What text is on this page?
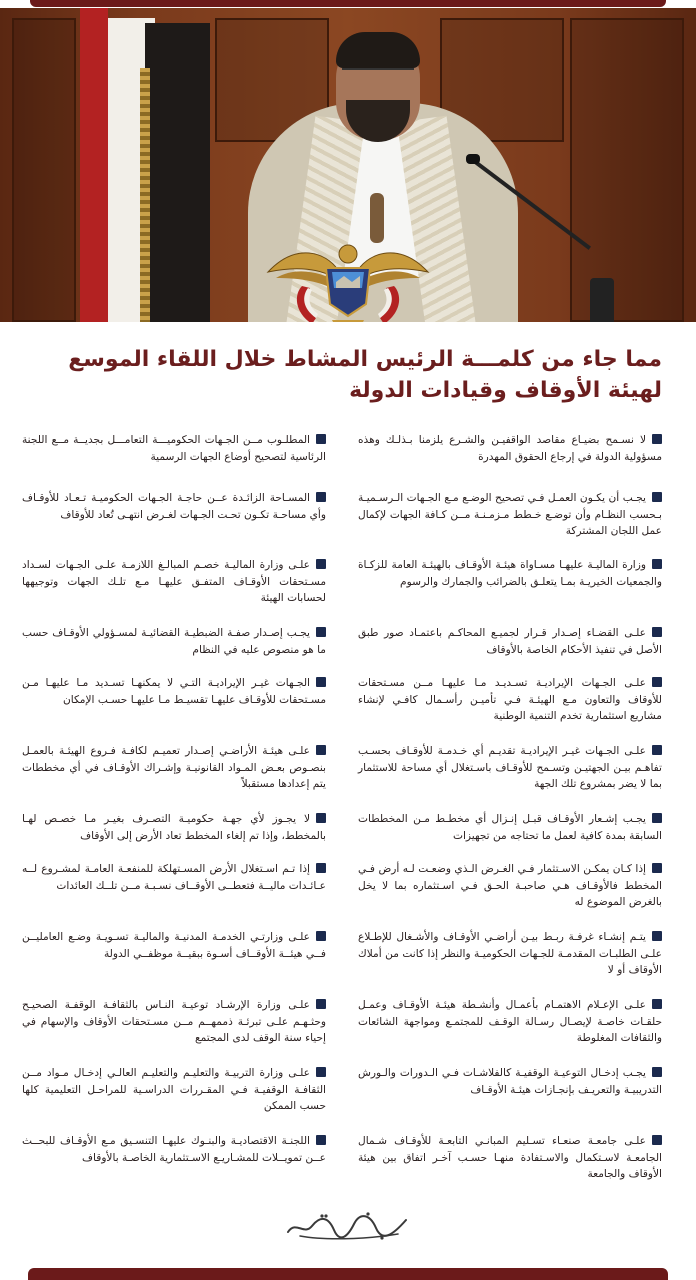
مما جاء من كلمـــة الرئيس المشاط خلال اللقاء الموسع لهيئة الأوقاف وقيادات الدولة
لا نسـمح بضيـاع مقاصد الواقفيـن والشـرع يلزمنا بـذلـك وهذه مسؤولية الدولة في إرجاع الحقوق المهدرة
يجـب أن يكـون العمـل فـي تصحيح الوضـع مـع الجـهات الـرسـميـة بـحسب النظـام وأن توضـع خـطط مـزمـنـة مــن كـافة الجهات لإكمال عمل اللجان المشتركة
وزارة الماليـة عليهـا مسـاواة هيئـة الأوقـاف بالهيئـة العامة للزكـاة والجمعيات الخيريـة بمـا يتعلـق بالضرائب والجمارك والرسوم
علـى القضـاء إصـدار قـرار لجميـع المحاكـم باعتمـاد صور طبق الأصل في تنفيذ الأحكام الخاصة بالأوقاف
علـى الجـهات الإيراديـة تسـديـد مـا عليهـا مــن مسـتحقات للأوقاف والتعاون مـع الهيئـة فـي تأميـن رأسـمال كافـي لإنشاء مشاريع استثمارية تخدم التنمية الوطنية
علـى الجـهات غيـر الإيراديـة تقديـم أي خـدمـة للأوقـاف بحسـب تفاهـم بيـن الجهتيـن وتسـمح للأوقـاف باسـتغلال أي مساحة للاستثمار بما لا يضر بمشروع تلك الجهة
يجـب إشـعار الأوقـاف قبـل إنـزال أي مخطـط مـن المخططات السابقة بمدة كافية لعمل ما تحتاجه من تجهيزات
إذا كـان يمكـن الاسـتثمار فـي الغـرض الـذي وضعـت لـه أرض فـي المخطط فالأوقـاف هـي صاحبـة الحـق فـي اسـتثماره بما لا يخل بالغرض الموضوع له
يتـم إنشـاء غرفـة ربـط بيـن أراضـي الأوقـاف والأشـغال للإطـلاع علـى الطلبـات المقدمـة للجـهات الحكوميـة والنظر إذا كانت من أملاك الأوقاف أو لا
علـى الإعـلام الاهتمـام بأعمـال وأنشـطة هيئـة الأوقـاف وعمـل حلقـات خاصـة لإيصـال رسـالة الوقـف للمجتمـع ومواجهة الشائعات والثقافات المغلوطة
يجـب إدخـال التوعيـة الوقفيـة كالفلاشـات فـي الـدورات والـورش التدريبيـة والتعريـف بإنجـازات هيئـة الأوقـاف
علـى جامعـة صنعـاء تسـليم المبانـي التابعـة للأوقـاف شـمال الجامعـة لاسـتكمال والاسـتفادة منهـا حسـب آخـر اتفاق بين هيئة الأوقاف والجامعة
المطلـوب مــن الجـهات الحكوميـــة التعامـــل بجديــة مــع اللجنة الرئاسية لتصحيح أوضاع الجهات الرسمية
المسـاحة الزائـدة عــن حاجـة الجـهات الحكوميـة تـعـاد للأوقـاف وأي مساحـة تكـون تحـت الجـهات لغـرض انتهـى تُعاد للأوقاف
علـى وزارة الماليـة خصـم المبالـغ اللازمـة علـى الجـهات لسـداد مسـتحقات الأوقـاف المتفـق عليهـا مـع تلـك الجهات وتوجيهها لحسابات الهيئة
يجـب إصـدار صفـة الضبطيـة القضائيـة لمسـؤولي الأوقـاف حسب ما هو منصوص عليه في النظام
الجـهات غيـر الإيراديـة التـي لا يمكنهـا تسـديد مـا عليهـا مـن مسـتحقات للأوقـاف عليهـا تقسيـط مـا عليهـا حسـب الإمكان
علـى هيئـة الأراضـي إصـدار تعميـم لكافـة فـروع الهيئـة بالعمـل بنصـوص بعـض المـواد القانونيـة وإشـراك الأوقـاف في أي مخططات يتم إعدادها مستقبلاً
لا يجـوز لأي جهـة حكوميـة التصـرف بغيـر مـا خصـص لهـا بالمخطط، وإذا تم إلغاء المخطط تعاد الأرض إلى الأوقاف
إذا تـم اسـتغلال الأرض المسـتهلكة للمنفعـة العامـة لمشـروع لــه عـائـدات ماليــة فتعطــى الأوقــاف نسـبـة مــن تلــك العائدات
علـى وزارتـي الخدمـة المدنيـة والماليـة تسـويـة وضـع العامليــن فــي هيئــة الأوقــاف أسـوة ببقيــة موظفــي الدولة
علـى وزارة الإرشـاد توعيـة النـاس بالثقافـة الوقفـة الصحيـح وحثـهـم علـى تبرئـة ذممهــم مــن مسـتحقات الأوقاف والإسهام في إحياء سنة الوقف لدى المجتمع
علـى وزارة التربيـة والتعليـم والتعليـم العالـي إدخـال مـواد مــن الثقافـة الوقفيـة فـي المقـررات الدراسـية للمراحـل التعليمية كلها حسب الممكن
اللجنـة الاقتصاديـة والبنـوك عليهـا التنسـيق مـع الأوقـاف للبحــث عــن تمويــلات للمشـاريـع الاسـتثمارية الخاصـة بالأوقاف
